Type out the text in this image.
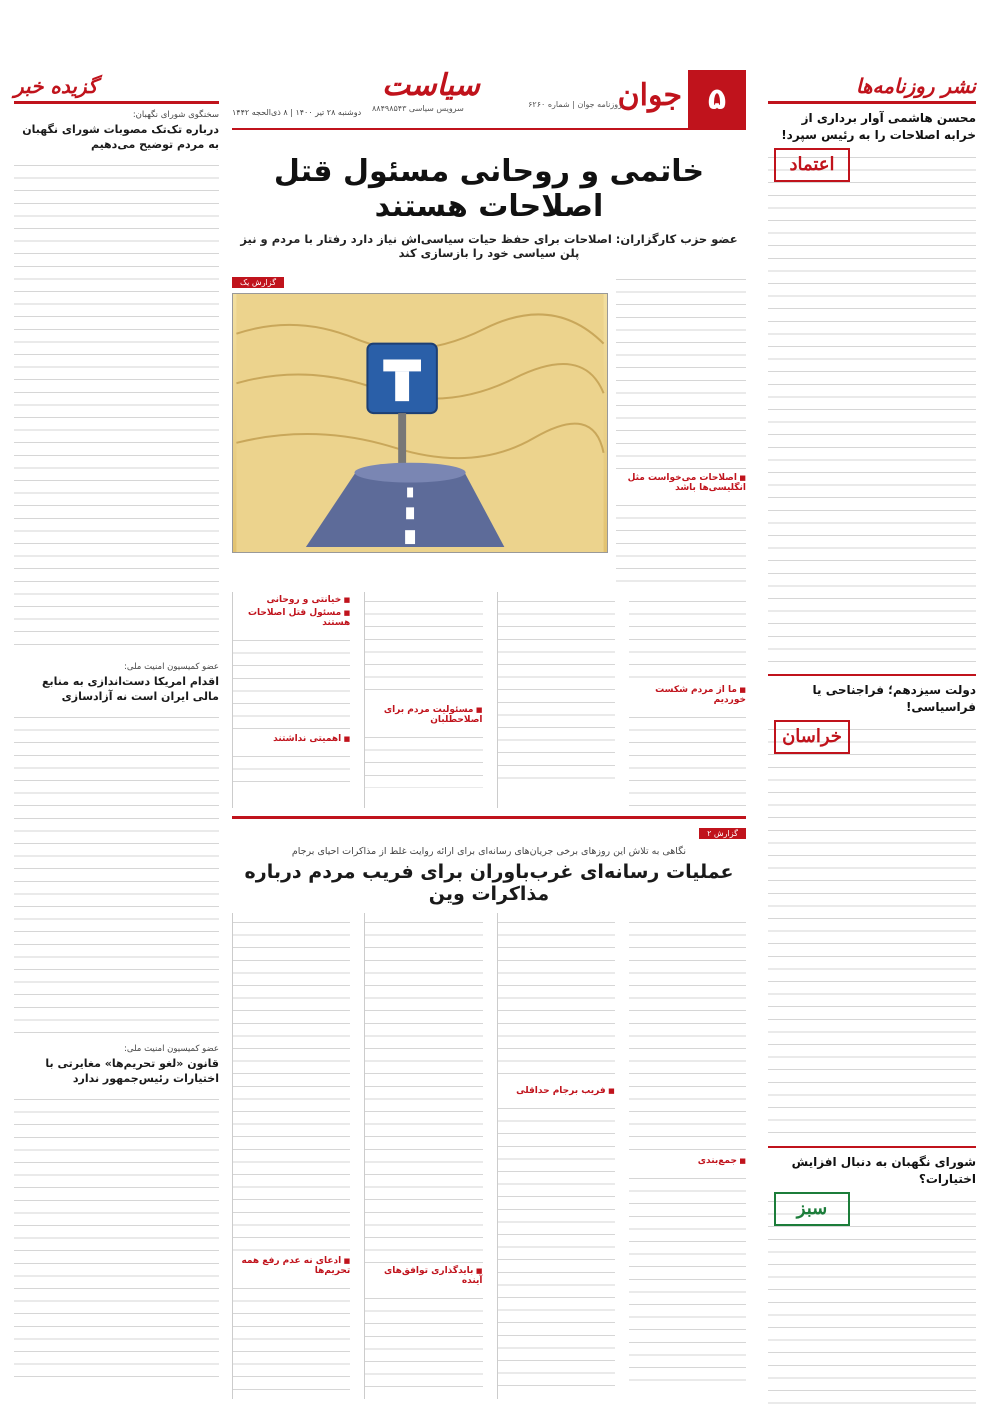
نشر روزنامه‌ها
محسن هاشمی آوار برداری از خرابه اصلاحات را به رئیس سپرد!
اعتماد
دولت سیزدهم؛ فراجناحی یا فراسیاسی!
خراسان
شورای نگهبان به دنبال افزایش اختیارات؟
سبز
گزیده خبر
سخنگوی شورای نگهبان:
درباره تک‌تک مصوبات شورای نگهبان به مردم توضیح می‌دهیم
عضو کمیسیون امنیت ملی:
اقدام امریکا دست‌اندازی به منابع مالی ایران است نه آزادسازی
عضو کمیسیون امنیت ملی:
قانون «لغو تحریم‌ها» مغایرتی با اختیارات رئیس‌جمهور ندارد
۵
جوان
روزنامه جوان | شماره ۶۲۶۰
سیاست
سرویس سیاسی ۸۸۴۹۸۵۴۳
دوشنبه ۲۸ تیر ۱۴۰۰ | ۸ ذی‌الحجه ۱۴۴۲
خاتمی و روحانی مسئول قتل اصلاحات هستند
عضو حزب کارگزاران: اصلاحات برای حفظ حیات سیاسی‌اش نیاز دارد رفتار با مردم و نیز پلن سیاسی خود را بازسازی کند
■ اصلاحات می‌خواست مثل انگلیسی‌ها باشد
گزارش یک
■ ما از مردم شکست خوردیم
■ مسئولیت مردم برای اصلاحطلبان
■ خیانتی و روحانی
■ مسئول قتل اصلاحات هستند
■ اهمیتی نداشتند
گزارش ۲
نگاهی به تلاش این روزهای برخی جریان‌های رسانه‌ای برای ارائه روایت غلط از مذاکرات احیای برجام
عملیات رسانه‌ای غرب‌باوران برای فریب مردم درباره مذاکرات وین
■ جمع‌بندی
■ فریب برجام حداقلی
■ بایدگذاری توافق‌های آینده
■ ادعای نه عدم‌ رفع همه تحریم‌ها
